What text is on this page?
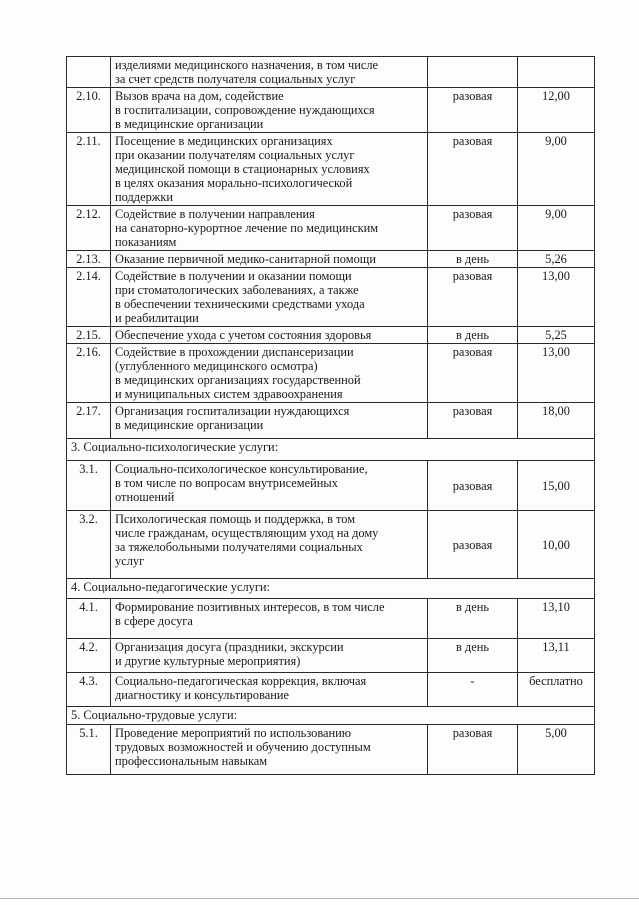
	изделиями медицинского назначения, в том числе
за счет средств получателя социальных услуг		

2.10.	Вызов врача на дом, содействие
в госпитализации, сопровождение нуждающихся
в медицинские организации	разовая	12,00
2.11.	Посещение в медицинских организациях
при оказании получателям социальных услуг
медицинской помощи в стационарных условиях
в целях оказания морально-психологической
поддержки	разовая	9,00
2.12.	Содействие в получении направления
на санаторно-курортное лечение по медицинским
показаниям	разовая	9,00
2.13.	Оказание первичной медико-санитарной помощи	в день	5,26
2.14.	Содействие в получении и оказании помощи
при стоматологических заболеваниях, а также
в обеспечении техническими средствами ухода
и реабилитации	разовая	13,00
2.15.	Обеспечение ухода с учетом состояния здоровья	в день	5,25
2.16.	Содействие в прохождении диспансеризации
(углубленного медицинского осмотра)
в медицинских организациях государственной
и муниципальных систем здравоохранения	разовая	13,00
2.17.	Организация госпитализации нуждающихся
в медицинские организации	разовая	18,00
3. Социально-психологические услуги:			
3.1.	Социально-психологическое консультирование,
в том числе по вопросам внутрисемейных
отношений	разовая	15,00
3.2.	Психологическая помощь и поддержка, в том
числе гражданам, осуществляющим уход на дому
за тяжелобольными получателями социальных
услуг	разовая	10,00
4. Социально-педагогические услуги:			
4.1.	Формирование позитивных интересов, в том числе
в сфере досуга	в день	13,10
4.2.	Организация досуга (праздники, экскурсии
и другие культурные мероприятия)	в день	13,11
4.3.	Социально-педагогическая коррекция, включая
диагностику и консультирование	-	бесплатно
5. Социально-трудовые услуги:			
5.1.	Проведение мероприятий по использованию
трудовых возможностей и обучению доступным
профессиональным навыкам	разовая	5,00
